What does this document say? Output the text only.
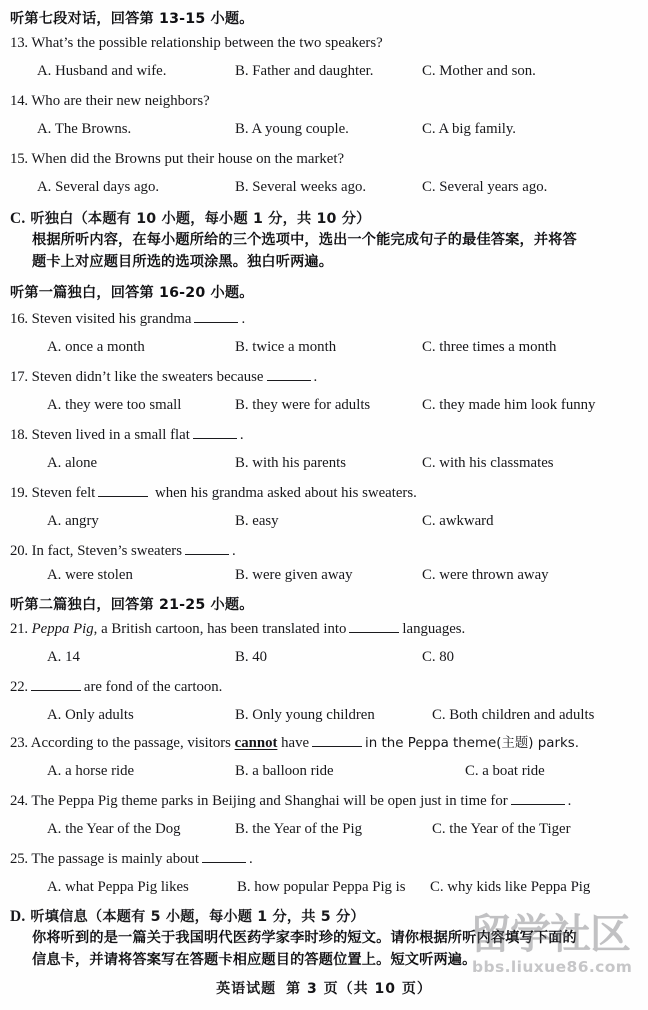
听第七段对话，回答第 13-15 小题。
13. What’s the possible relationship between the two speakers?
A. Husband and wife.	B. Father and daughter.	C. Mother and son.
14. Who are their new neighbors?
A. The Browns.	B. A young couple.	C. A big family.
15. When did the Browns put their house on the market?
A. Several days ago.	B. Several weeks ago.	C. Several years ago.
C. 听独白（本题有 10 小题，每小题 1 分，共 10 分）
根据所听内容，在每小题所给的三个选项中，选出一个能完成句子的最佳答案，并将答
题卡上对应题目所选的选项涂黑。独白听两遍。
听第一篇独白，回答第 16-20 小题。
16. Steven visited his grandma	.
A. once a month	B. twice a month	C. three times a month
17. Steven didn’t like the sweaters because	.
A. they were too small	B. they were for adults	C. they made him look funny
18. Steven lived in a small flat	.
A. alone	B. with his parents	C. with his classmates
19. Steven felt	when his grandma asked about his sweaters.
A. angry	B. easy	C. awkward
20. In fact, Steven’s sweaters	.
A. were stolen	B. were given away	C. were thrown away
听第二篇独白，回答第 21-25 小题。
21. Peppa Pig, a British cartoon, has been translated into	languages.
A. 14	B. 40	C. 80
22.	are fond of the cartoon.
A. Only adults	B. Only young children	C. Both children and adults
23. According to the passage, visitors cannot have	in the Peppa theme(主题) parks.
A. a horse ride	B. a balloon ride	C. a boat ride
24. The Peppa Pig theme parks in Beijing and Shanghai will be open just in time for	.
A. the Year of the Dog	B. the Year of the Pig	C. the Year of the Tiger
25. The passage is mainly about	.
A. what Peppa Pig likes	B. how popular Peppa Pig is C. why kids like Peppa Pig
D. 听填信息（本题有 5 小题，每小题 1 分，共 5 分）
你将听到的是一篇关于我国明代医药学家李时珍的短文。请你根据所听内容填写下面的
信息卡，并请将答案写在答题卡相应题目的答题位置上。短文听两遍。
留学社区
bbs.liuxue86.com
英语试题 第 3 页（共 10 页）
